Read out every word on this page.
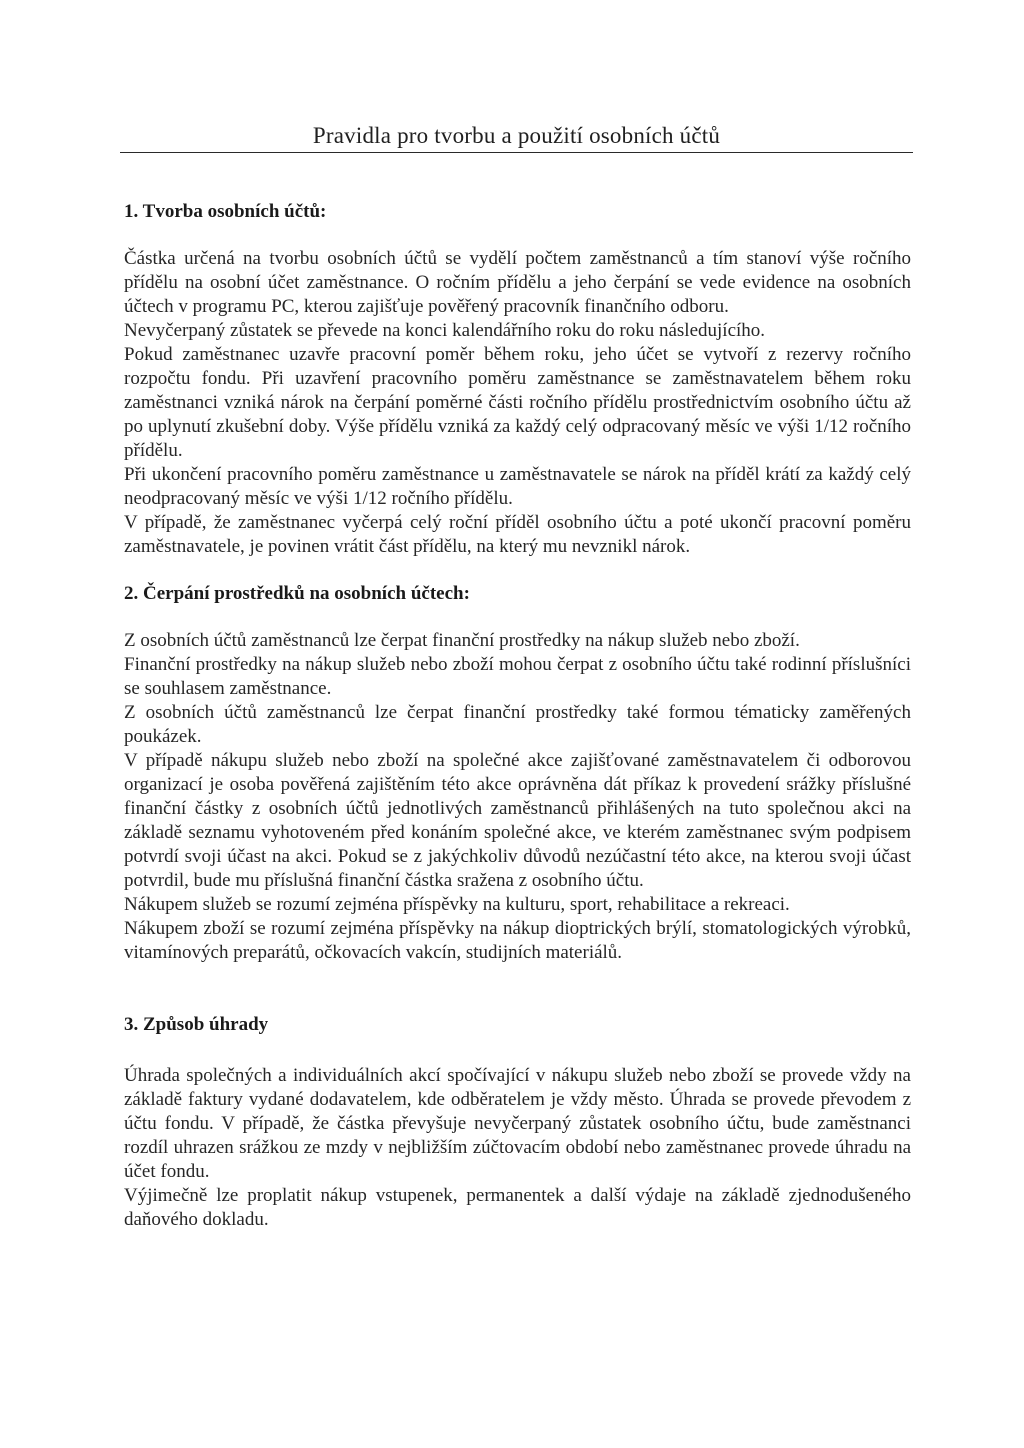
Pravidla pro tvorbu a použití osobních účtů
1. Tvorba osobních účtů:

Částka určená na tvorbu osobních účtů se vydělí počtem zaměstnanců a tím stanoví výše ročního přídělu na osobní účet zaměstnance. O ročním přídělu a jeho čerpání se vede evidence na osobních účtech v programu PC, kterou zajišťuje pověřený pracovník finančního odboru.

Nevyčerpaný zůstatek se převede na konci kalendářního roku do roku následujícího.

Pokud zaměstnanec uzavře pracovní poměr během roku, jeho účet se vytvoří z rezervy ročního rozpočtu fondu. Při uzavření pracovního poměru zaměstnance se zaměstnavatelem během roku zaměstnanci vzniká nárok na čerpání poměrné části ročního přídělu prostřednictvím osobního účtu až po uplynutí zkušební doby. Výše přídělu vzniká za každý celý odpracovaný měsíc ve výši 1/12 ročního přídělu.

Při ukončení pracovního poměru zaměstnance u zaměstnavatele se nárok na příděl krátí za každý celý neodpracovaný měsíc ve výši 1/12 ročního přídělu.

V případě, že zaměstnanec vyčerpá celý roční příděl osobního účtu a poté ukončí pracovní poměru zaměstnavatele, je povinen vrátit část přídělu, na který mu nevznikl nárok.

2. Čerpání prostředků na osobních účtech:

Z osobních účtů zaměstnanců lze čerpat finanční prostředky na nákup služeb nebo zboží.

Finanční prostředky na nákup služeb nebo zboží mohou čerpat z osobního účtu také rodinní příslušníci se souhlasem zaměstnance.

Z osobních účtů zaměstnanců lze čerpat finanční prostředky také formou tématicky zaměřených poukázek.

V případě nákupu služeb nebo zboží na společné akce zajišťované zaměstnavatelem či odborovou organizací je osoba pověřená zajištěním této akce oprávněna dát příkaz k provedení srážky příslušné finanční částky z osobních účtů jednotlivých zaměstnanců přihlášených na tuto společnou akci na základě seznamu vyhotoveném před konáním společné akce, ve kterém zaměstnanec svým podpisem potvrdí svoji účast na akci. Pokud se z jakýchkoliv důvodů nezúčastní této akce, na kterou svoji účast potvrdil, bude mu příslušná finanční částka sražena z osobního účtu.

Nákupem služeb se rozumí zejména příspěvky na kulturu, sport, rehabilitace a rekreaci.

Nákupem zboží se rozumí zejména příspěvky na nákup dioptrických brýlí, stomatologických výrobků, vitamínových preparátů, očkovacích vakcín, studijních materiálů.

3. Způsob úhrady

Úhrada společných a individuálních akcí spočívající v nákupu služeb nebo zboží se provede vždy na základě faktury vydané dodavatelem, kde odběratelem je vždy město. Úhrada se provede převodem z účtu fondu. V případě, že částka převyšuje nevyčerpaný zůstatek osobního účtu, bude zaměstnanci rozdíl uhrazen srážkou ze mzdy v nejbližším zúčtovacím období nebo zaměstnanec provede úhradu na účet fondu.

Výjimečně lze proplatit nákup vstupenek, permanentek a další výdaje na základě zjednodušeného daňového dokladu.
